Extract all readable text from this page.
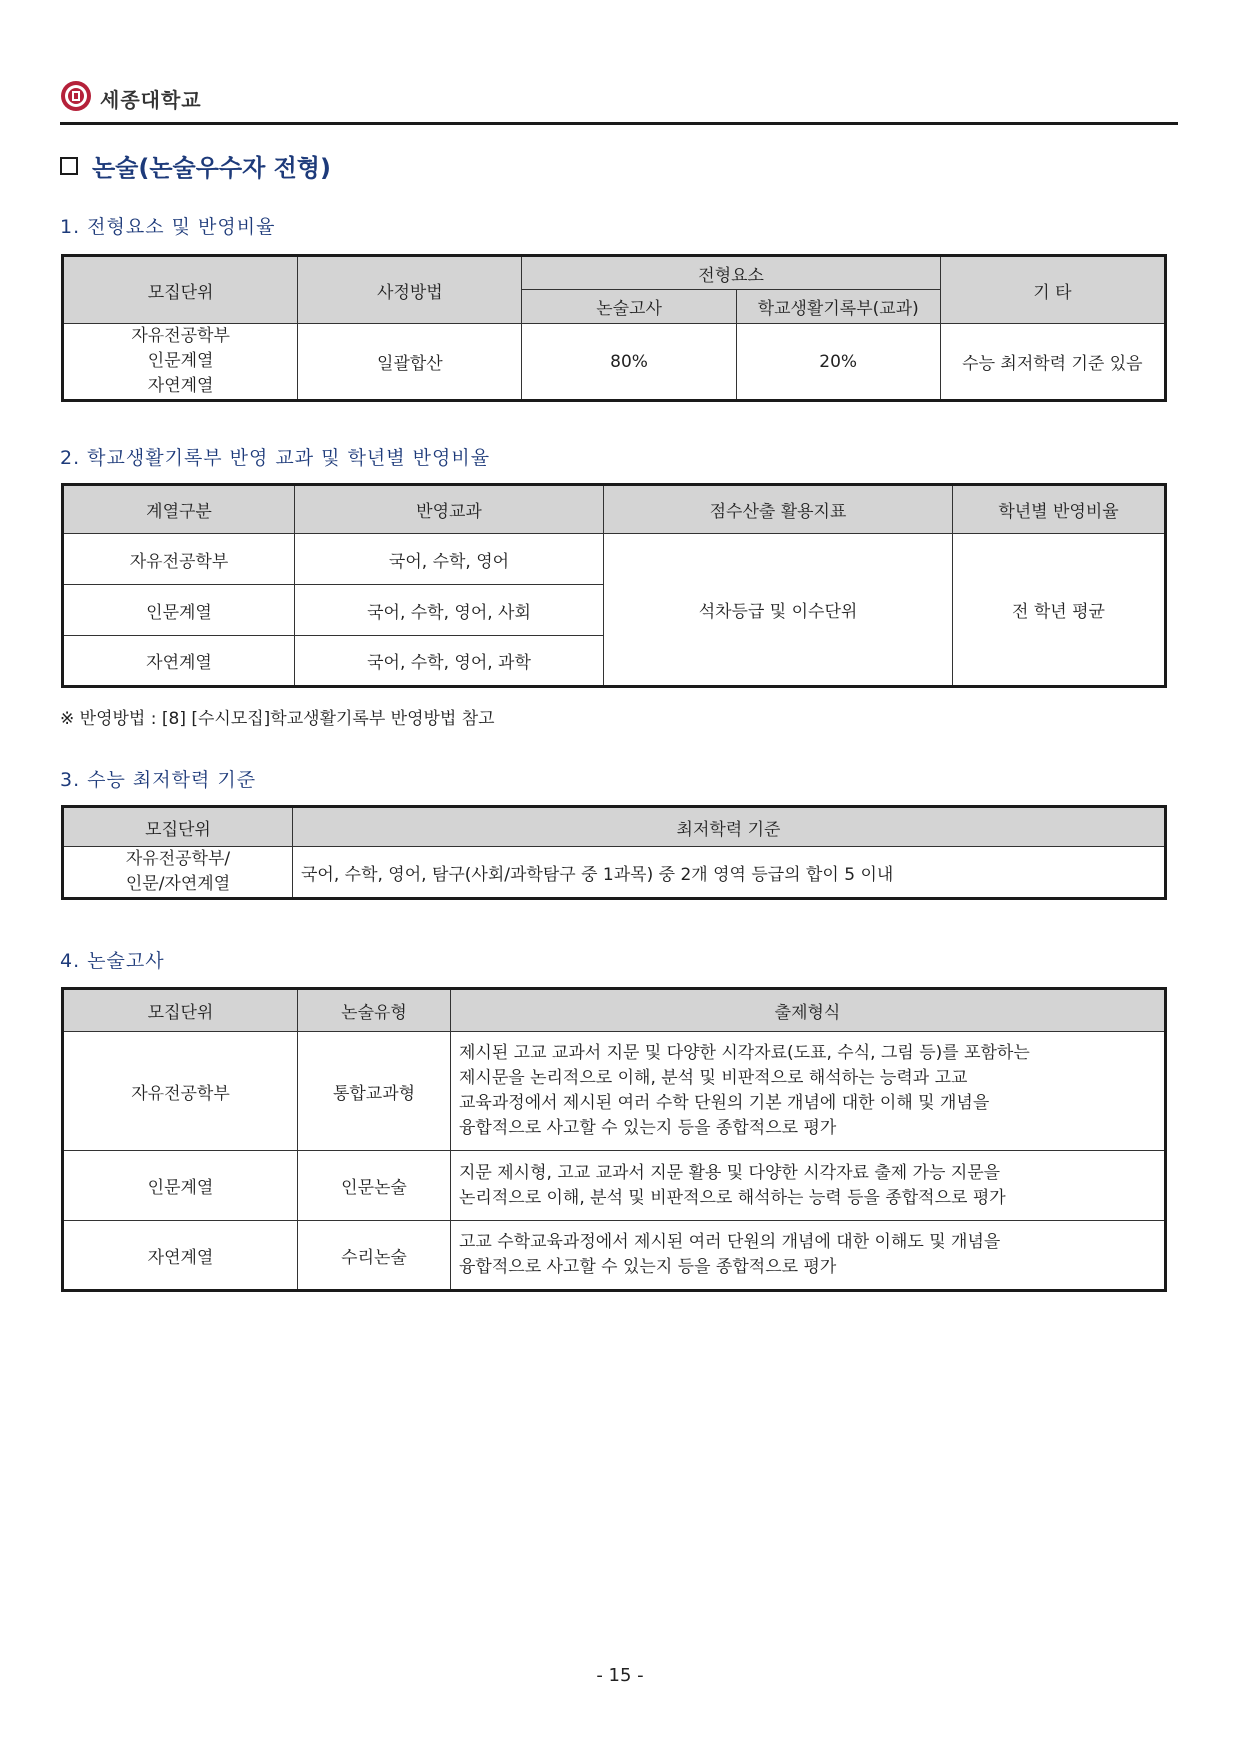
세종대학교
논술(논술우수자 전형)
1. 전형요소 및 반영비율
모집단위	사정방법	전형요소		기 타
		논술고사	학교생활기록부(교과)	

자유전공학부
인문계열
자연계열	일괄합산	80%	20%	수능 최저학력 기준 있음
2. 학교생활기록부 반영 교과 및 학년별 반영비율
계열구분	반영교과	점수산출 활용지표	학년별 반영비율
자유전공학부	국어, 수학, 영어	석차등급 및 이수단위	전 학년 평균
인문계열	국어, 수학, 영어, 사회		
자연계열	국어, 수학, 영어, 과학		
※ 반영방법 : [8] [수시모집]학교생활기록부 반영방법 참고
3. 수능 최저학력 기준
모집단위	최저학력 기준

자유전공학부/
인문/자연계열	국어, 수학, 영어, 탐구(사회/과학탐구 중 1과목) 중 2개 영역 등급의 합이 5 이내
4. 논술고사
모집단위	논술유형	출제형식
자유전공학부	통합교과형	제시된 고교 교과서 지문 및 다양한 시각자료(도표, 수식, 그림 등)를 포함하는
제시문을 논리적으로 이해, 분석 및 비판적으로 해석하는 능력과 고교
교육과정에서 제시된 여러 수학 단원의 기본 개념에 대한 이해 및 개념을
융합적으로 사고할 수 있는지 등을 종합적으로 평가

인문계열	인문논술	지문 제시형, 고교 교과서 지문 활용 및 다양한 시각자료 출제 가능 지문을
논리적으로 이해, 분석 및 비판적으로 해석하는 능력 등을 종합적으로 평가

자연계열	수리논술	고교 수학교육과정에서 제시된 여러 단원의 개념에 대한 이해도 및 개념을
융합적으로 사고할 수 있는지 등을 종합적으로 평가
- 15 -
